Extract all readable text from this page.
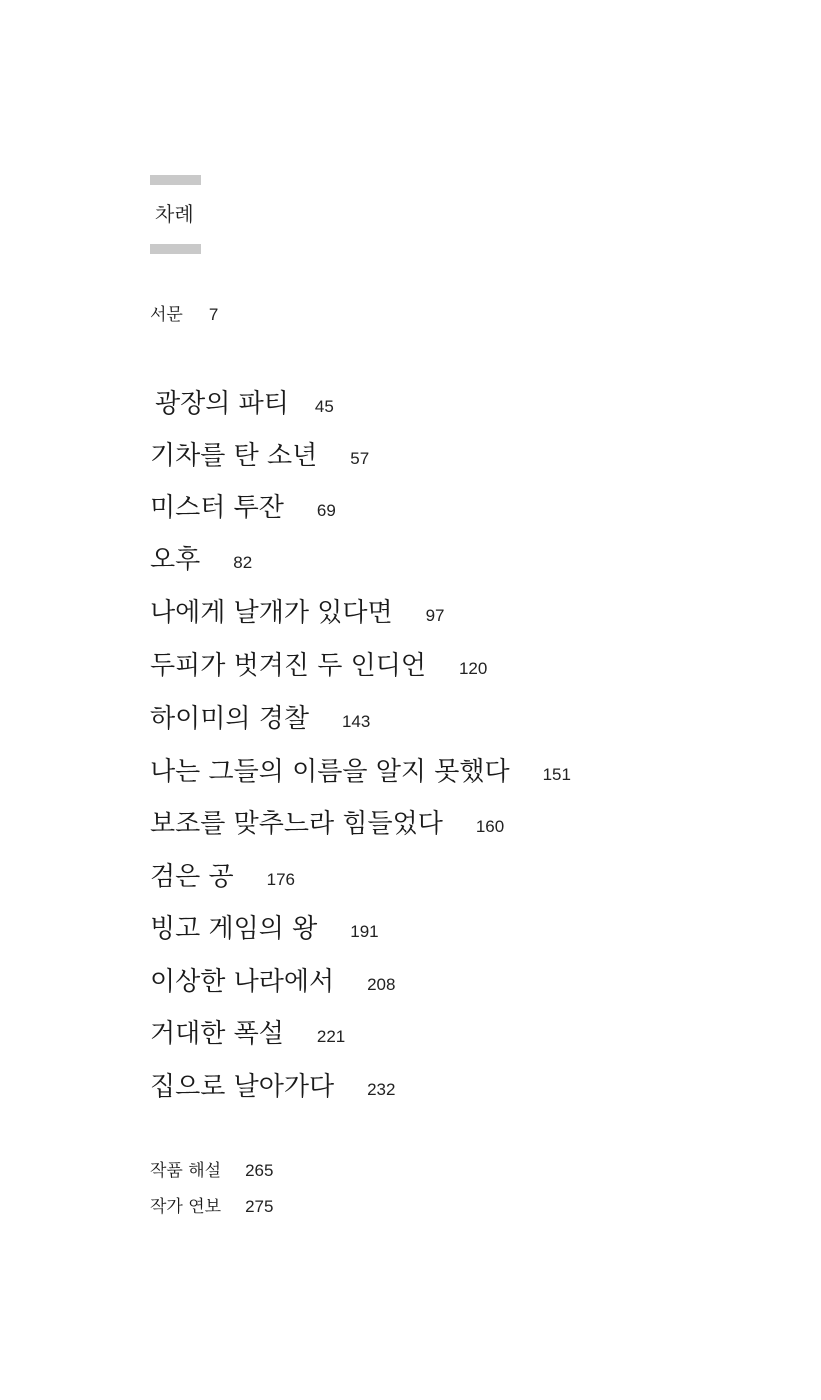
차례
서문 7
광장의 파티 45
기차를 탄 소년 57
미스터 투잔 69
오후 82
나에게 날개가 있다면 97
두피가 벗겨진 두 인디언 120
하이미의 경찰 143
나는 그들의 이름을 알지 못했다 151
보조를 맞추느라 힘들었다 160
검은 공 176
빙고 게임의 왕 191
이상한 나라에서 208
거대한 폭설 221
집으로 날아가다 232
작품 해설 265
작가 연보 275
